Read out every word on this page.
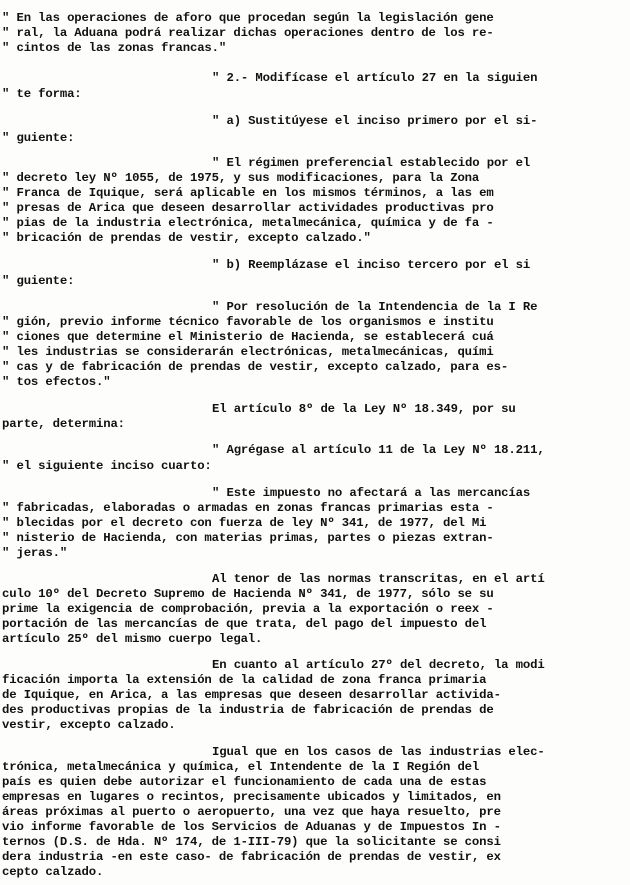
" En las operaciones de aforo que procedan según la legislación gene
" ral, la Aduana podrá realizar dichas operaciones dentro de los re-
" cintos de las zonas francas."
" 2.- Modifícase el artículo 27 en la siguien
" te forma:
" a) Sustitúyese el inciso primero por el si-
" guiente:
" El régimen preferencial establecido por el
" decreto ley Nº 1055, de 1975, y sus modificaciones, para la Zona
" Franca de Iquique, será aplicable en los mismos términos, a las em
" presas de Arica que deseen desarrollar actividades productivas pro
" pias de la industria electrónica, metalmecánica, química y de fa -
" bricación de prendas de vestir, excepto calzado."
" b) Reemplázase el inciso tercero por el si
" guiente:
" Por resolución de la Intendencia de la I Re
" gión, previo informe técnico favorable de los organismos e institu
" ciones que determine el Ministerio de Hacienda, se establecerá cuá
" les industrias se considerarán electrónicas, metalmecánicas, quími
" cas y de fabricación de prendas de vestir, excepto calzado, para es-
" tos efectos."
El artículo 8º de la Ley Nº 18.349, por su
parte, determina:
" Agrégase al artículo 11 de la Ley Nº 18.211,
" el siguiente inciso cuarto:
" Este impuesto no afectará a las mercancías
" fabricadas, elaboradas o armadas en zonas francas primarias esta -
" blecidas por el decreto con fuerza de ley Nº 341, de 1977, del Mi
" nisterio de Hacienda, con materias primas, partes o piezas extran-
" jeras."
Al tenor de las normas transcritas, en el artí
culo 10º del Decreto Supremo de Hacienda Nº 341, de 1977, sólo se su
prime la exigencia de comprobación, previa a la exportación o reex -
portación de las mercancías de que trata, del pago del impuesto del
artículo 25º del mismo cuerpo legal.
En cuanto al artículo 27º del decreto, la modi
ficación importa la extensión de la calidad de zona franca primaria
de Iquique, en Arica, a las empresas que deseen desarrollar activida-
des productivas propias de la industria de fabricación de prendas de
vestir, excepto calzado.
Igual que en los casos de las industrias elec-
trónica, metalmecánica y química, el Intendente de la I Región del
país es quien debe autorizar el funcionamiento de cada una de estas
empresas en lugares o recintos, precisamente ubicados y limitados, en
áreas próximas al puerto o aeropuerto, una vez que haya resuelto, pre
vio informe favorable de los Servicios de Aduanas y de Impuestos In -
ternos (D.S. de Hda. Nº 174, de 1-III-79) que la solicitante se consi
dera industria -en este caso- de fabricación de prendas de vestir, ex
cepto calzado.
